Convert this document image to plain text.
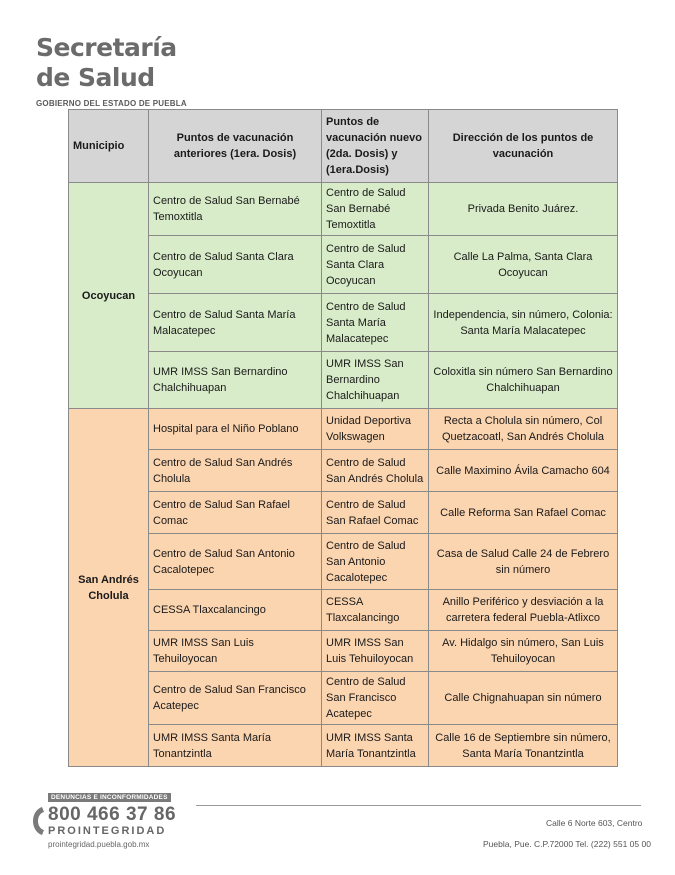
Secretaría
de Salud
GOBIERNO DEL ESTADO DE PUEBLA
Municipio	Puntos de vacunación anteriores (1era. Dosis)	Puntos de vacunación nuevo (2da. Dosis) y (1era.Dosis)	Dirección de los puntos de vacunación
Ocoyucan	Centro de Salud San Bernabé Temoxtitla	Centro de Salud San Bernabé Temoxtitla	Privada Benito Juárez.
	Centro de Salud Santa Clara Ocoyucan	Centro de Salud Santa Clara Ocoyucan	Calle La Palma, Santa Clara Ocoyucan
	Centro de Salud Santa María Malacatepec	Centro de Salud Santa María Malacatepec	Independencia, sin número, Colonia: Santa María Malacatepec
	UMR IMSS San Bernardino Chalchihuapan	UMR IMSS San Bernardino Chalchihuapan	Coloxitla sin número San Bernardino Chalchihuapan
San Andrés Cholula	Hospital para el Niño Poblano	Unidad Deportiva Volkswagen	Recta a Cholula sin número, Col Quetzacoatl, San Andrés Cholula
	Centro de Salud San Andrés Cholula	Centro de Salud San Andrés Cholula	Calle Maximino Ávila Camacho 604
	Centro de Salud San Rafael Comac	Centro de Salud San Rafael Comac	Calle Reforma San Rafael Comac
	Centro de Salud San Antonio Cacalotepec	Centro de Salud San Antonio Cacalotepec	Casa de Salud Calle 24 de Febrero sin número
	CESSA Tlaxcalancingo	CESSA Tlaxcalancingo	Anillo Periférico y desviación a la carretera federal Puebla-Atlixco
	UMR IMSS San Luis Tehuiloyocan	UMR IMSS San Luis Tehuiloyocan	Av. Hidalgo sin número, San Luis Tehuiloyocan
	Centro de Salud San Francisco Acatepec	Centro de Salud San Francisco Acatepec	Calle Chignahuapan sin número
	UMR IMSS Santa María Tonantzintla	UMR IMSS Santa María Tonantzintla	Calle 16 de Septiembre sin número, Santa María Tonantzintla
DENUNCIAS E INCONFORMIDADES
800 466 37 86
PROINTEGRIDAD
prointegridad.puebla.gob.mx
Calle 6 Norte 603, Centro
Puebla, Pue. C.P.72000 Tel. (222) 551 05 00
